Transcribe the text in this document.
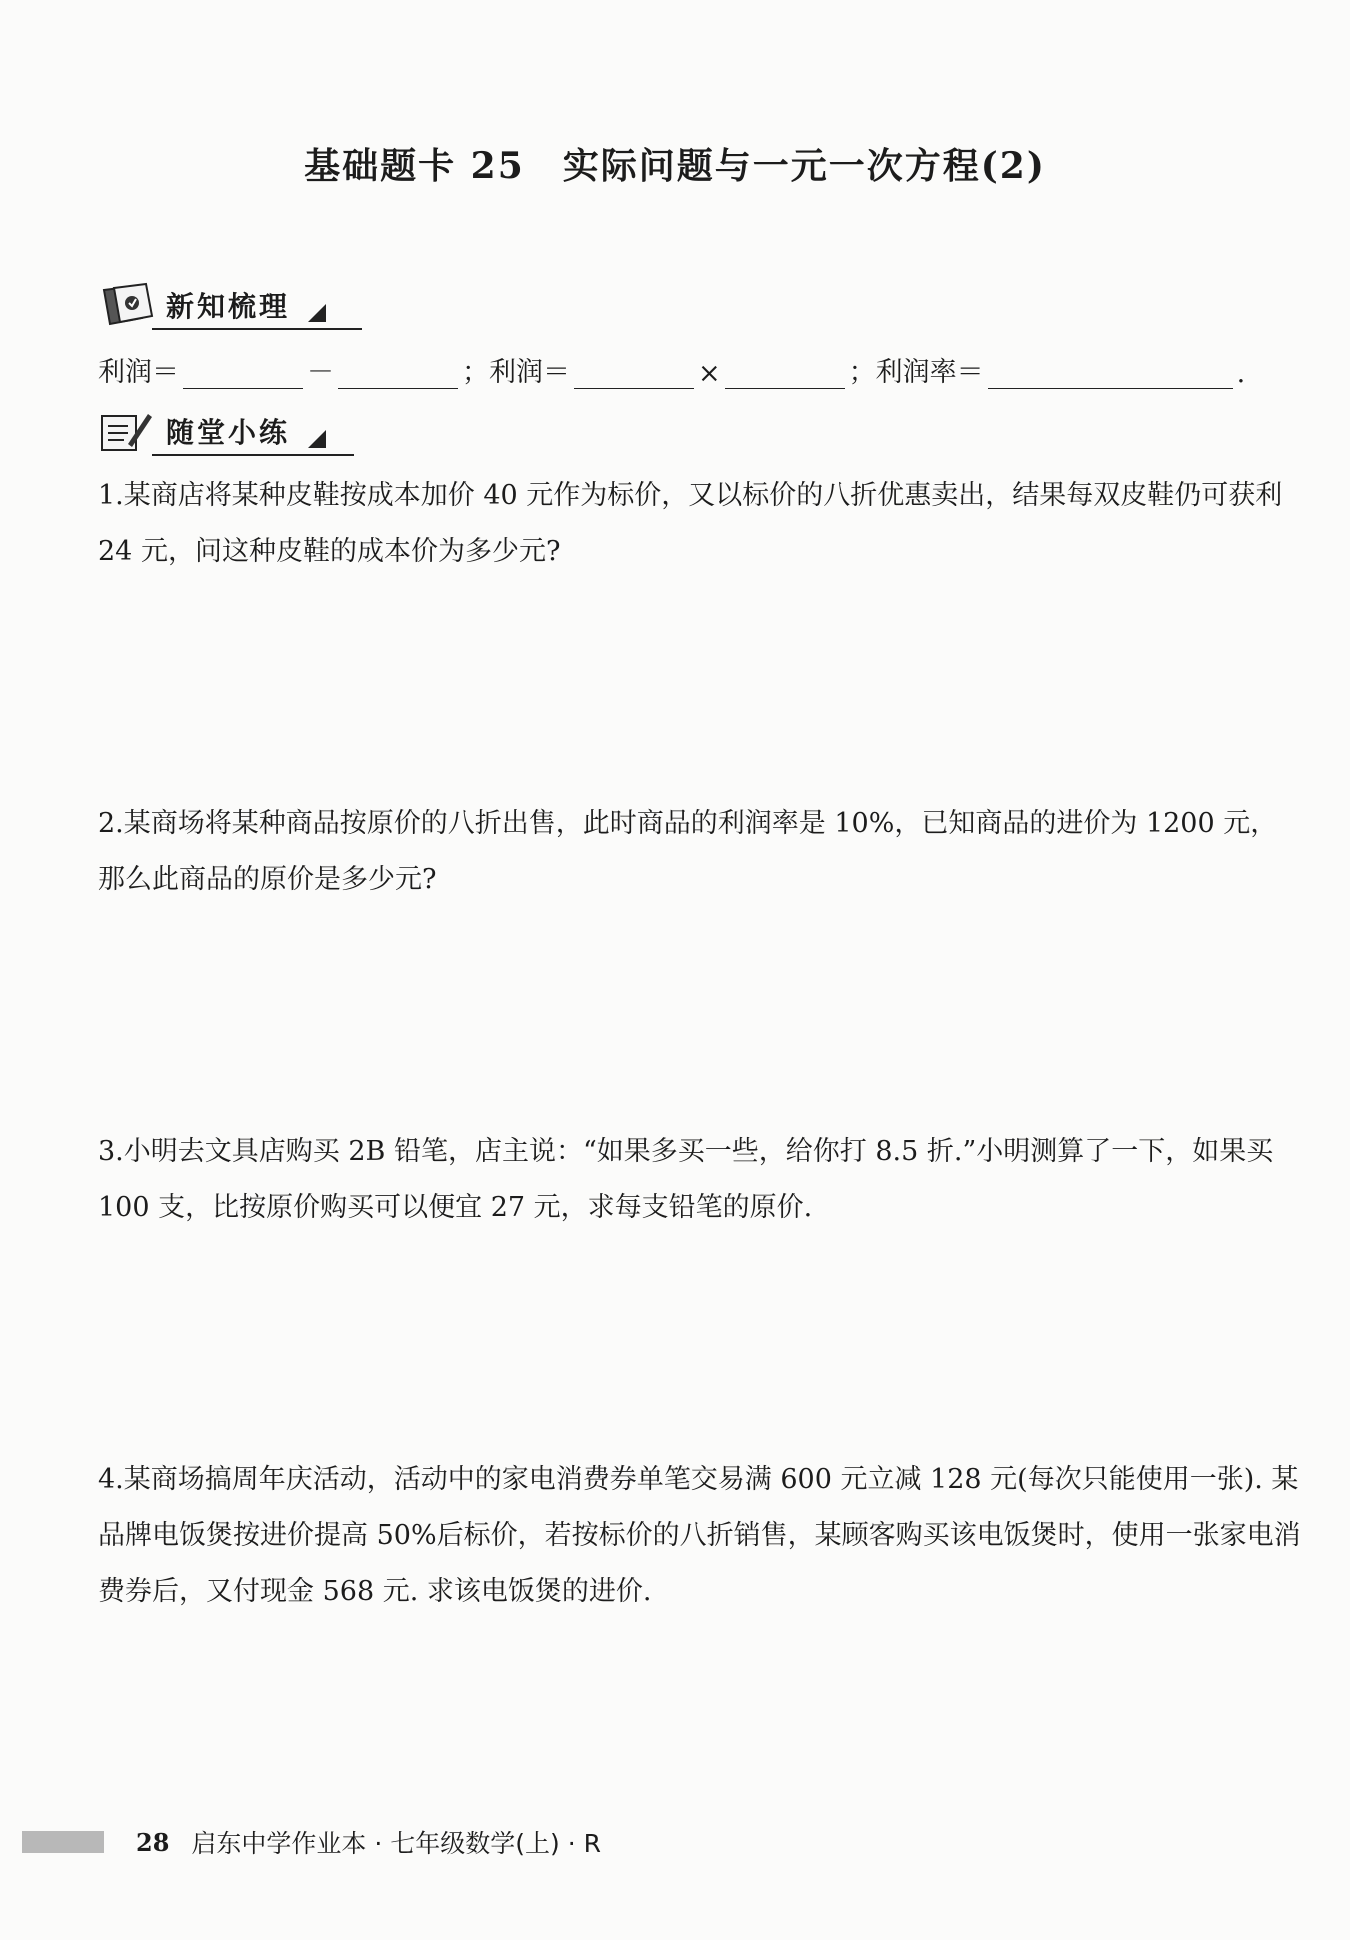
基础题卡 25　实际问题与一元一次方程(2)
新知梳理
利润＝	－	；利润＝	×	；利润率＝	.
随堂小练
1.某商店将某种皮鞋按成本加价 40 元作为标价，又以标价的八折优惠卖出，结果每双皮鞋仍可获利 24 元，问这种皮鞋的成本价为多少元?
2.某商场将某种商品按原价的八折出售，此时商品的利润率是 10%，已知商品的进价为 1200 元，那么此商品的原价是多少元?
3.小明去文具店购买 2B 铅笔，店主说：“如果多买一些，给你打 8.5 折.”小明测算了一下，如果买100 支，比按原价购买可以便宜 27 元，求每支铅笔的原价.
4.某商场搞周年庆活动，活动中的家电消费券单笔交易满 600 元立减 128 元(每次只能使用一张). 某品牌电饭煲按进价提高 50%后标价，若按标价的八折销售，某顾客购买该电饭煲时，使用一张家电消费券后，又付现金 568 元. 求该电饭煲的进价.
28 启东中学作业本 · 七年级数学(上) · R
